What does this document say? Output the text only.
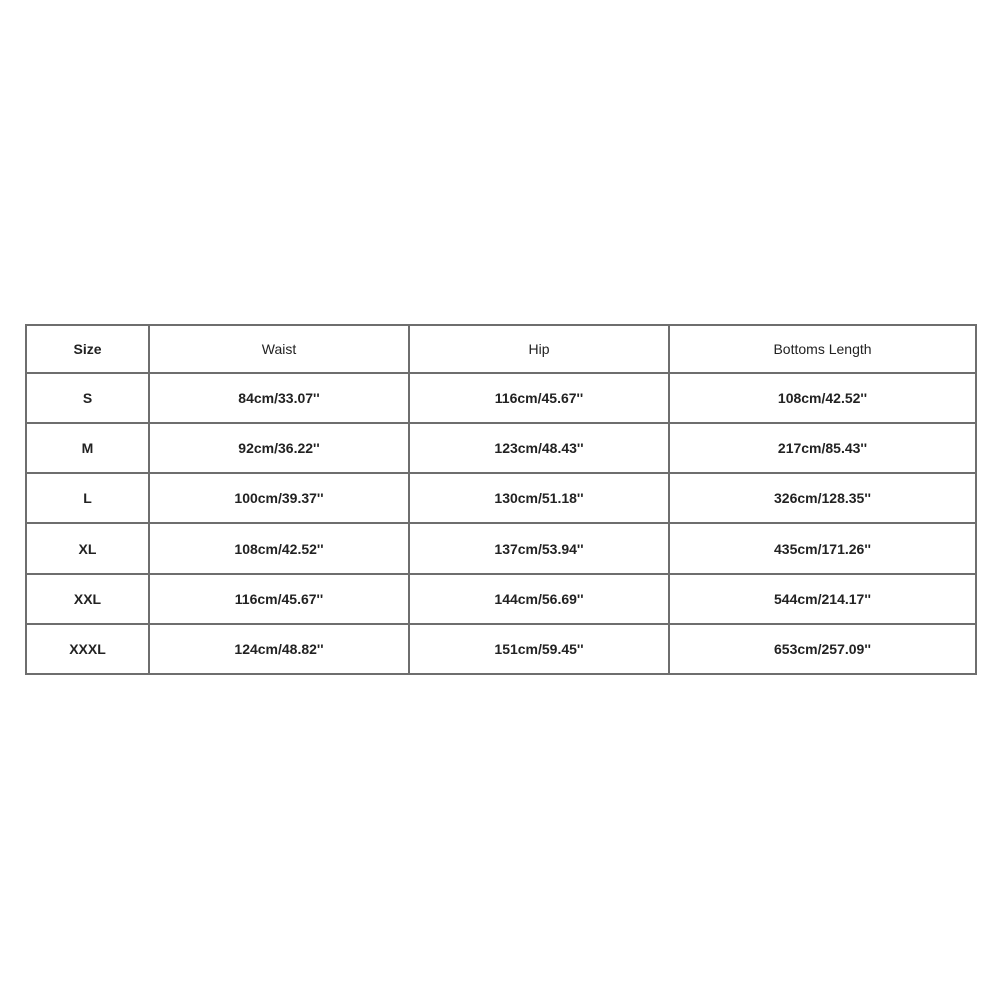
Size	Waist	Hip	Bottoms Length
S	84cm/33.07''	116cm/45.67''	108cm/42.52''
M	92cm/36.22''	123cm/48.43''	217cm/85.43''
L	100cm/39.37''	130cm/51.18''	326cm/128.35''
XL	108cm/42.52''	137cm/53.94''	435cm/171.26''
XXL	116cm/45.67''	144cm/56.69''	544cm/214.17''
XXXL	124cm/48.82''	151cm/59.45''	653cm/257.09''
